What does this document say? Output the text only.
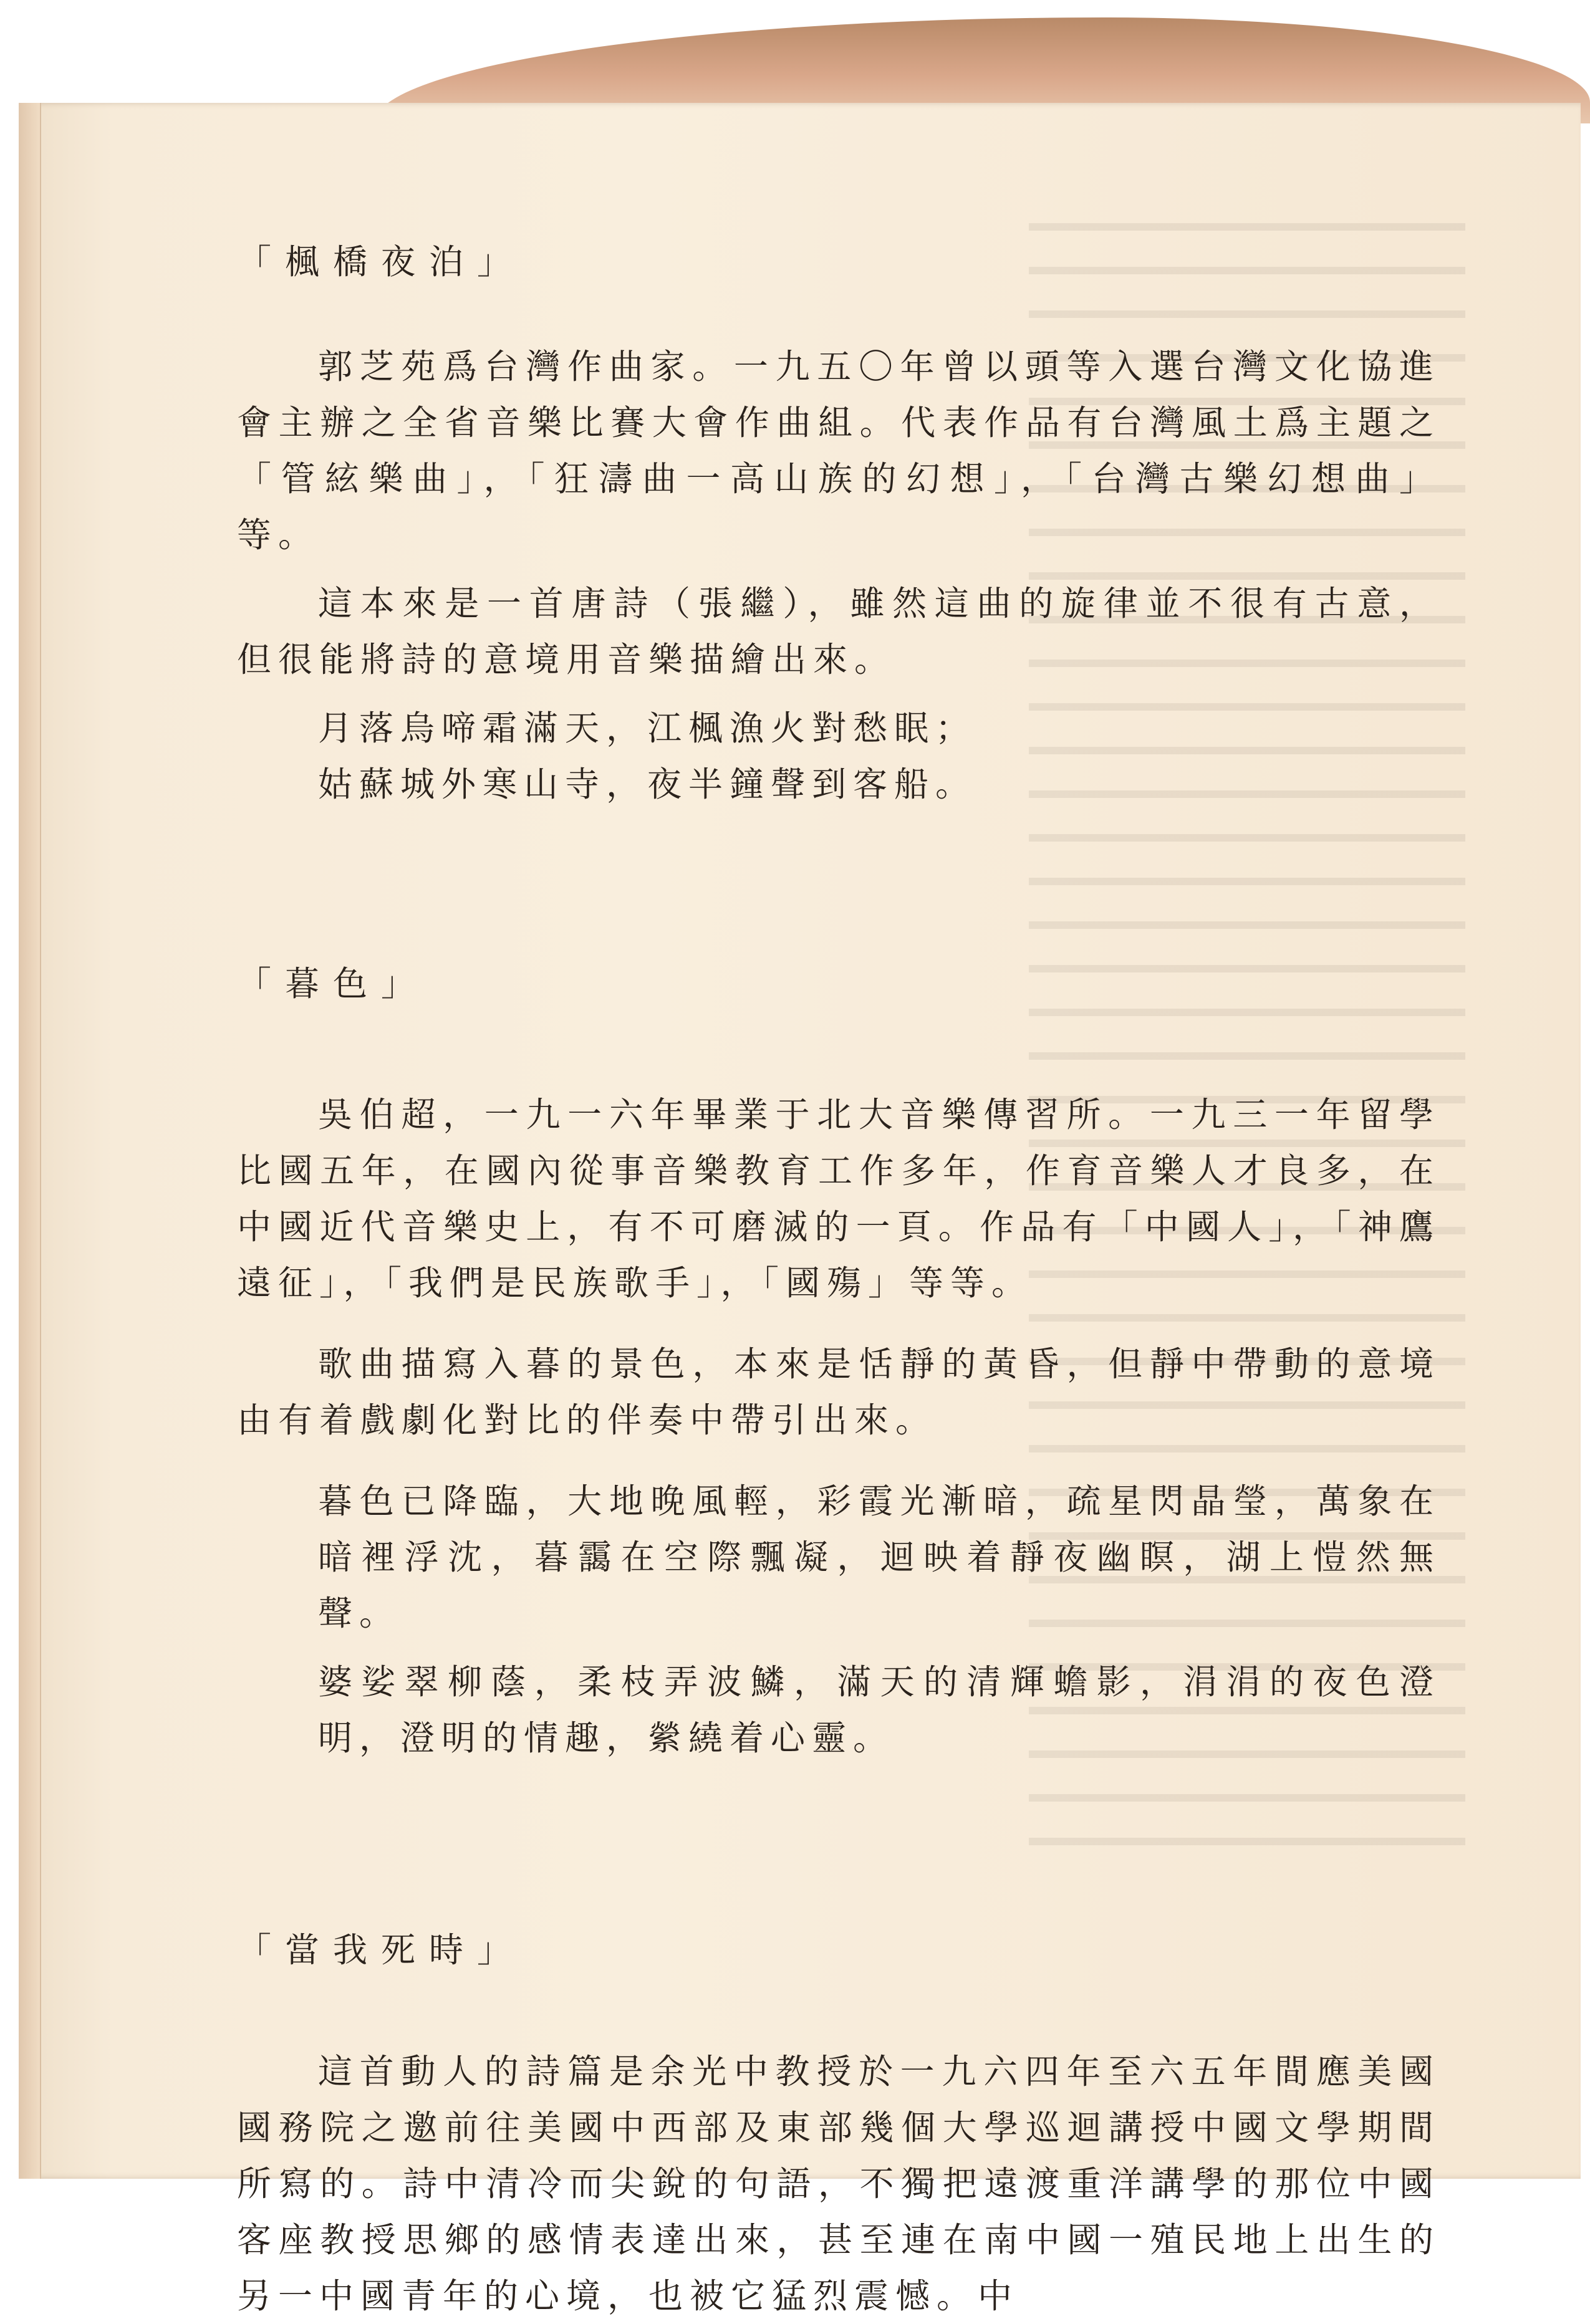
「楓橋夜泊」

郭芝苑爲台灣作曲家。一九五〇年曾以頭等入選台灣文化協進會主辦之全省音樂比賽大會作曲組。代表作品有台灣風土爲主題之「管絃樂曲」，「狂濤曲一高山族的幻想」，「台灣古樂幻想曲」等。

這本來是一首唐詩（張繼），雖然這曲的旋律並不很有古意，但很能將詩的意境用音樂描繪出來。

月落烏啼霜滿天，江楓漁火對愁眠；

姑蘇城外寒山寺，夜半鐘聲到客船。

「暮色」

吳伯超，一九一六年畢業于北大音樂傳習所。一九三一年留學比國五年，在國內從事音樂教育工作多年，作育音樂人才良多，在中國近代音樂史上，有不可磨滅的一頁。作品有「中國人」，「神鷹遠征」，「我們是民族歌手」，「國殤」等等。

歌曲描寫入暮的景色，本來是恬靜的黃昏，但靜中帶動的意境由有着戲劇化對比的伴奏中帶引出來。

暮色已降臨，大地晚風輕，彩霞光漸暗，疏星閃晶瑩，萬象在暗裡浮沈，暮靄在空際飄凝，迴映着靜夜幽瞑，湖上愷然無聲。

婆娑翠柳蔭，柔枝弄波鱗，滿天的清輝蟾影，涓涓的夜色澄明，澄明的情趣，縈繞着心靈。

「當我死時」

這首動人的詩篇是余光中教授於一九六四年至六五年間應美國國務院之邀前往美國中西部及東部幾個大學巡迴講授中國文學期間所寫的。詩中清冷而尖銳的句語，不獨把遠渡重洋講學的那位中國客座教授思鄉的感情表達出來，甚至連在南中國一殖民地上出生的另一中國青年的心境，也被它猛烈震憾。中
